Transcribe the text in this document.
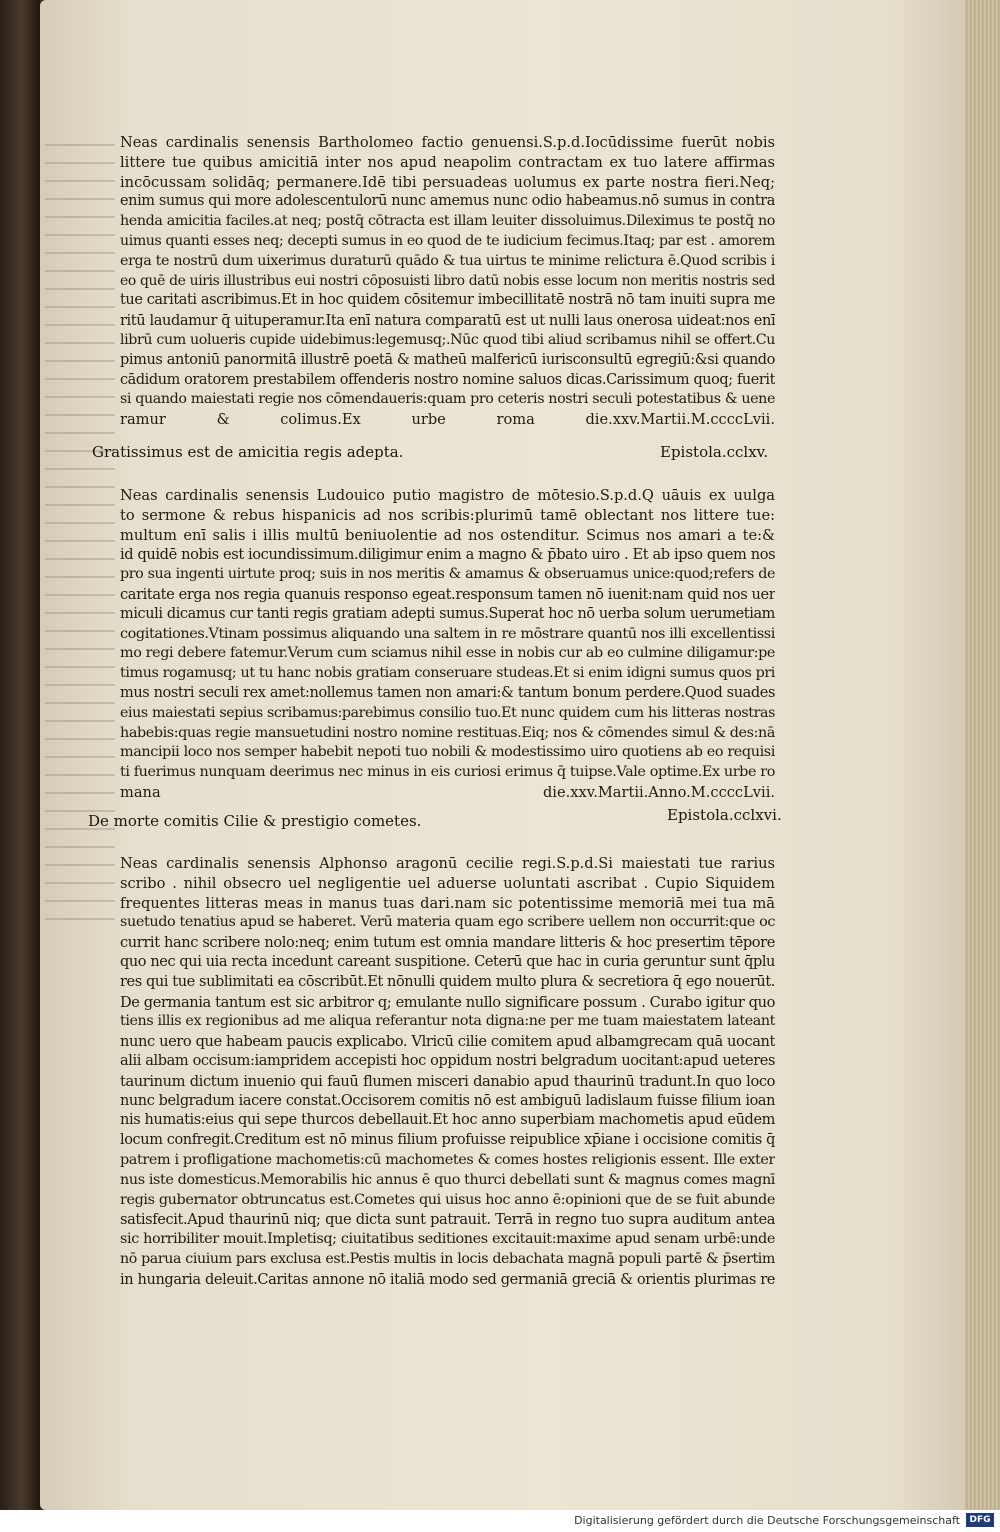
Neas cardinalis senensis Bartholomeo factio genuensi.S.p.d.Iocūdissime fuerūt nobis
littere tue quibus amicitiā inter nos apud neapolim contractam ex tuo latere affirmas
incōcussam solidāq; permanere.Idē tibi persuadeas uolumus ex parte nostra fieri.Neq;
enim sumus qui more adolescentulorū nunc amemus nunc odio habeamus.nō sumus in contra
henda amicitia faciles.at neq; postq̄ cōtracta est illam leuiter dissoluimus.Dileximus te postq̄ no
uimus quanti esses neq; decepti sumus in eo quod de te iudicium fecimus.Itaq; par est . amorem
erga te nostrū dum uixerimus duraturū quādo & tua uirtus te minime relictura ē.Quod scribis i
eo quē de uiris illustribus eui nostri cōposuisti libro datū nobis esse locum non meritis nostris sed
tue caritati ascribimus.Et in hoc quidem cōsitemur imbecillitatē nostrā nō tam inuiti supra me
ritū laudamur q̄ uituperamur.Ita enī natura comparatū est ut nulli laus onerosa uideat:nos enī
librū cum uolueris cupide uidebimus:legemusq;.Nūc quod tibi aliud scribamus nihil se offert.Cu
pimus antoniū panormitā illustrē poetā & matheū malfericū iurisconsultū egregiū:&si quando
cādidum oratorem prestabilem offenderis nostro nomine saluos dicas.Carissimum quoq; fuerit
si quando maiestati regie nos cōmendaueris:quam pro ceteris nostri seculi potestatibus & uene
ramur & colimus.Ex urbe roma die.xxv.Martii.M.ccccLvii.
Gratissimus est de amicitia regis adepta.	Epistola.cclxv.
Neas cardinalis senensis Ludouico putio magistro de mōtesio.S.p.d.Q uāuis ex uulga
to sermone & rebus hispanicis ad nos scribis:plurimū tamē oblectant nos littere tue:
multum enī salis i illis multū beniuolentie ad nos ostenditur. Scimus nos amari a te:&
id quidē nobis est iocundissimum.diligimur enim a magno & p̄bato uiro . Et ab ipso quem nos
pro sua ingenti uirtute proq; suis in nos meritis & amamus & obseruamus unice:quod;refers de
caritate erga nos regia quanuis responso egeat.responsum tamen nō iuenit:nam quid nos uer
miculi dicamus cur tanti regis gratiam adepti sumus.Superat hoc nō uerba solum uerumetiam
cogitationes.Vtinam possimus aliquando una saltem in re mōstrare quantū nos illi excellentissi
mo regi debere fatemur.Verum cum sciamus nihil esse in nobis cur ab eo culmine diligamur:pe
timus rogamusq; ut tu hanc nobis gratiam conseruare studeas.Et si enim idigni sumus quos pri
mus nostri seculi rex amet:nollemus tamen non amari:& tantum bonum perdere.Quod suades
eius maiestati sepius scribamus:parebimus consilio tuo.Et nunc quidem cum his litteras nostras
habebis:quas regie mansuetudini nostro nomine restituas.Eiq; nos & cōmendes simul & des:nā
mancipii loco nos semper habebit nepoti tuo nobili & modestissimo uiro quotiens ab eo requisi
ti fuerimus nunquam deerimus nec minus in eis curiosi erimus q̄ tuipse.Vale optime.Ex urbe ro
mana die.xxv.Martii.Anno.M.ccccLvii.
De morte comitis Cilie & prestigio cometes.	Epistola.cclxvi.
Neas cardinalis senensis Alphonso aragonū cecilie regi.S.p.d.Si maiestati tue rarius
scribo . nihil obsecro uel negligentie uel aduerse uoluntati ascribat . Cupio Siquidem
frequentes litteras meas in manus tuas dari.nam sic potentissime memoriā mei tua mā
suetudo tenatius apud se haberet. Verū materia quam ego scribere uellem non occurrit:que oc
currit hanc scribere nolo:neq; enim tutum est omnia mandare litteris & hoc presertim tēpore
quo nec qui uia recta incedunt careant suspitione. Ceterū que hac in curia geruntur sunt q̄plu
res qui tue sublimitati ea cōscribūt.Et nōnulli quidem multo plura & secretiora q̄ ego nouerūt.
De germania tantum est sic arbitror q; emulante nullo significare possum . Curabo igitur quo
tiens illis ex regionibus ad me aliqua referantur nota digna:ne per me tuam maiestatem lateant
nunc uero que habeam paucis explicabo. Vlricū cilie comitem apud albamgrecam quā uocant
alii albam occisum:iampridem accepisti hoc oppidum nostri belgradum uocitant:apud ueteres
taurinum dictum inuenio qui fauū flumen misceri danabio apud thaurinū tradunt.In quo loco
nunc belgradum iacere constat.Occisorem comitis nō est ambiguū ladislaum fuisse filium ioan
nis humatis:eius qui sepe thurcos debellauit.Et hoc anno superbiam machometis apud eūdem
locum confregit.Creditum est nō minus filium profuisse reipublice xp̄iane i occisione comitis q̄
patrem i profligatione machometis:cū machometes & comes hostes religionis essent. Ille exter
nus iste domesticus.Memorabilis hic annus ē quo thurci debellati sunt & magnus comes magnī
regis gubernator obtruncatus est.Cometes qui uisus hoc anno ē:opinioni que de se fuit abunde
satisfecit.Apud thaurinū niq; que dicta sunt patrauit. Terrā in regno tuo supra auditum antea
sic horribiliter mouit.Impletisq; ciuitatibus seditiones excitauit:maxime apud senam urbē:unde
nō parua ciuium pars exclusa est.Pestis multis in locis debachata magnā populi partē & p̄sertim
in hungaria deleuit.Caritas annone nō italiā modo sed germaniā greciā & orientis plurimas re
Digitalisierung gefördert durch die Deutsche Forschungsgemeinschaft	DFG
